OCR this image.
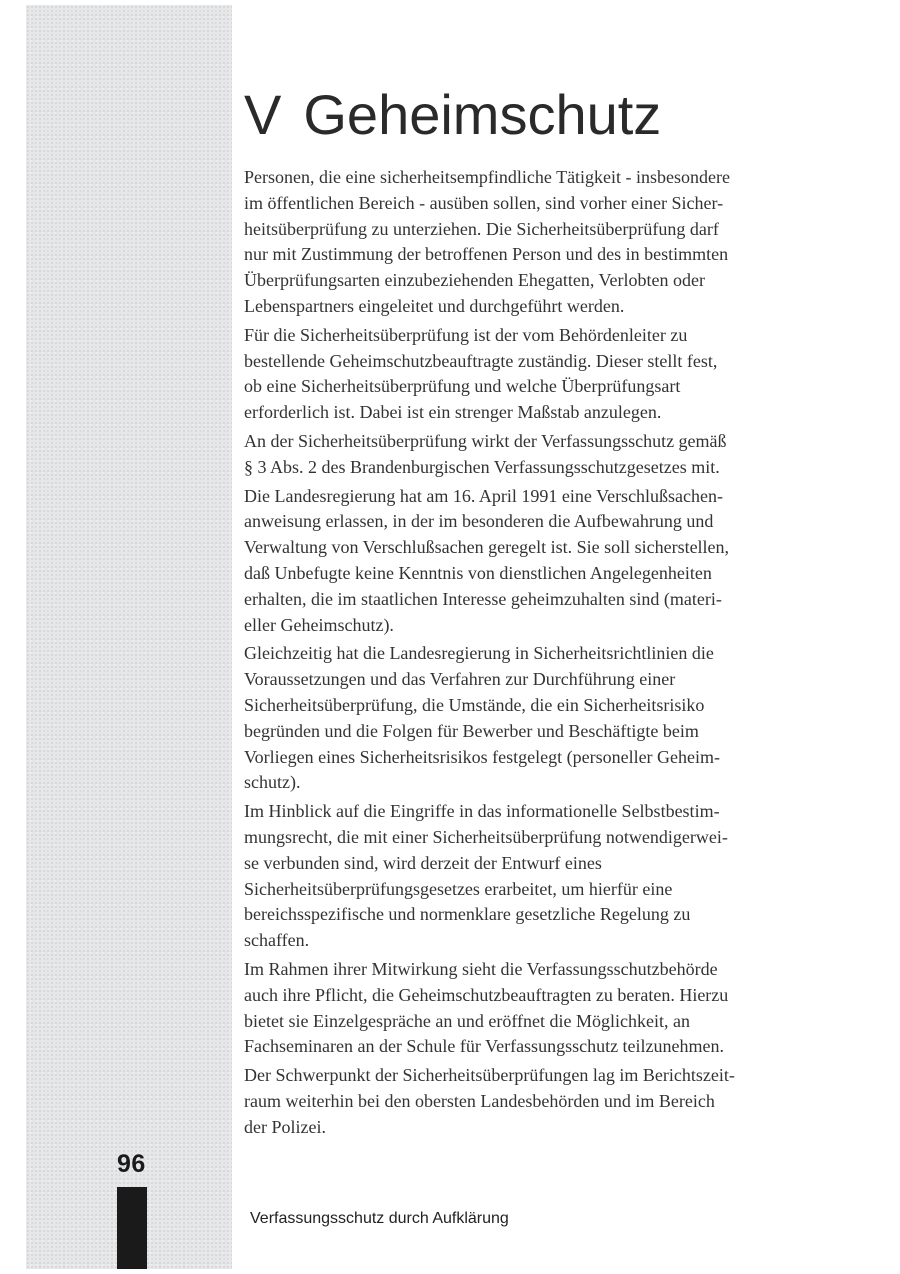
V Geheimschutz

Personen, die eine sicherheitsempfindliche Tätigkeit - insbesondere
im öffentlichen Bereich - ausüben sollen, sind vorher einer Sicher-
heitsüberprüfung zu unterziehen. Die Sicherheitsüberprüfung darf
nur mit Zustimmung der betroffenen Person und des in bestimmten
Überprüfungsarten einzubeziehenden Ehegatten, Verlobten oder
Lebenspartners eingeleitet und durchgeführt werden.

Für die Sicherheitsüberprüfung ist der vom Behördenleiter zu
bestellende Geheimschutzbeauftragte zuständig. Dieser stellt fest,
ob eine Sicherheitsüberprüfung und welche Überprüfungsart
erforderlich ist. Dabei ist ein strenger Maßstab anzulegen.

An der Sicherheitsüberprüfung wirkt der Verfassungsschutz gemäß
§ 3 Abs. 2 des Brandenburgischen Verfassungsschutzgesetzes mit.

Die Landesregierung hat am 16. April 1991 eine Verschlußsachen-
anweisung erlassen, in der im besonderen die Aufbewahrung und
Verwaltung von Verschlußsachen geregelt ist. Sie soll sicherstellen,
daß Unbefugte keine Kenntnis von dienstlichen Angelegenheiten
erhalten, die im staatlichen Interesse geheimzuhalten sind (materi-
eller Geheimschutz).

Gleichzeitig hat die Landesregierung in Sicherheitsrichtlinien die
Voraussetzungen und das Verfahren zur Durchführung einer
Sicherheitsüberprüfung, die Umstände, die ein Sicherheitsrisiko
begründen und die Folgen für Bewerber und Beschäftigte beim
Vorliegen eines Sicherheitsrisikos festgelegt (personeller Geheim-
schutz).

Im Hinblick auf die Eingriffe in das informationelle Selbstbestim-
mungsrecht, die mit einer Sicherheitsüberprüfung notwendigerwei-
se verbunden sind, wird derzeit der Entwurf eines
Sicherheitsüberprüfungsgesetzes erarbeitet, um hierfür eine
bereichsspezifische und normenklare gesetzliche Regelung zu
schaffen.

Im Rahmen ihrer Mitwirkung sieht die Verfassungsschutzbehörde
auch ihre Pflicht, die Geheimschutzbeauftragten zu beraten. Hierzu
bietet sie Einzelgespräche an und eröffnet die Möglichkeit, an
Fachseminaren an der Schule für Verfassungsschutz teilzunehmen.

Der Schwerpunkt der Sicherheitsüberprüfungen lag im Berichtszeit-
raum weiterhin bei den obersten Landesbehörden und im Bereich
der Polizei.

96
Verfassungsschutz durch Aufklärung
